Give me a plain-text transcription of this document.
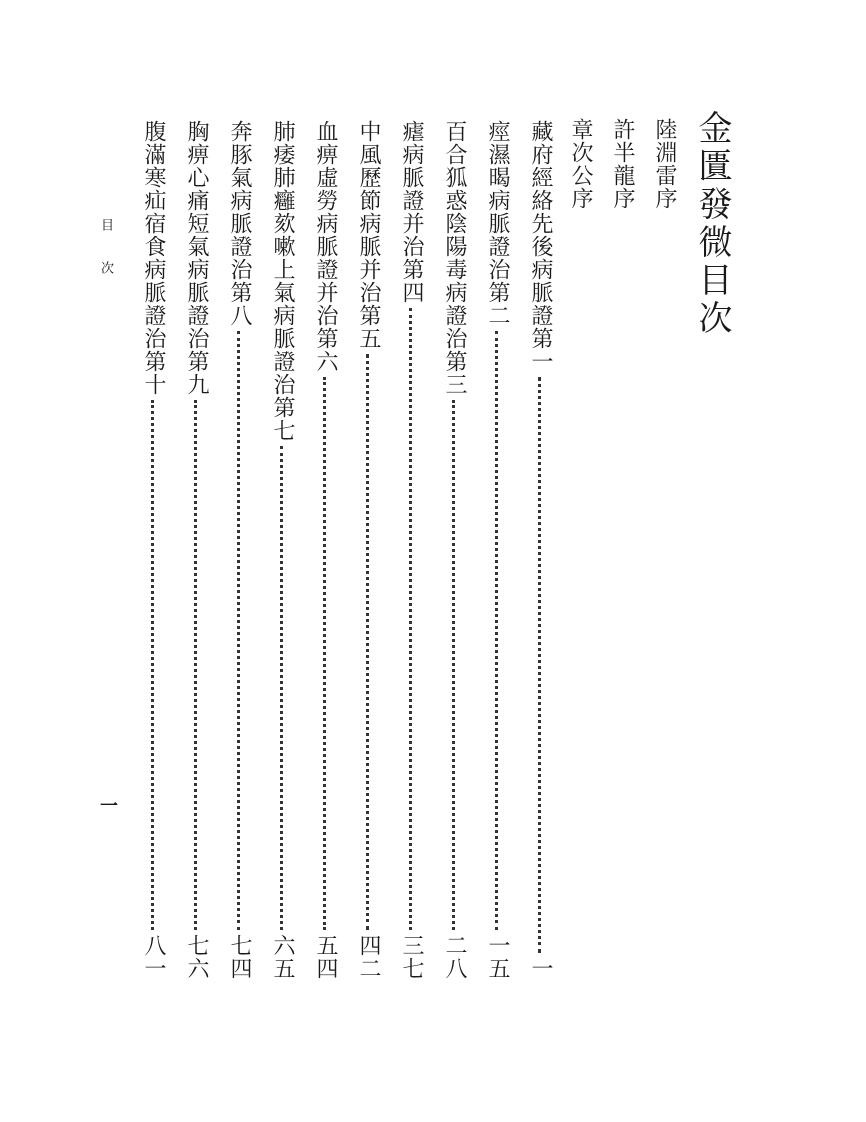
金匱發微目次
陸淵雷序
許半龍序
章次公序
藏府經絡先後病脈證第一
一
痙濕暍病脈證治第二
一五
百合狐惑陰陽毒病證治第三
二八
瘧病脈證并治第四
三七
中風歷節病脈并治第五
四二
血痹虛勞病脈證并治第六
五四
肺痿肺癰欬嗽上氣病脈證治第七
六五
奔豚氣病脈證治第八
七四
胸痹心痛短氣病脈證治第九
七六
腹滿寒疝宿食病脈證治第十
八一
目次
一
